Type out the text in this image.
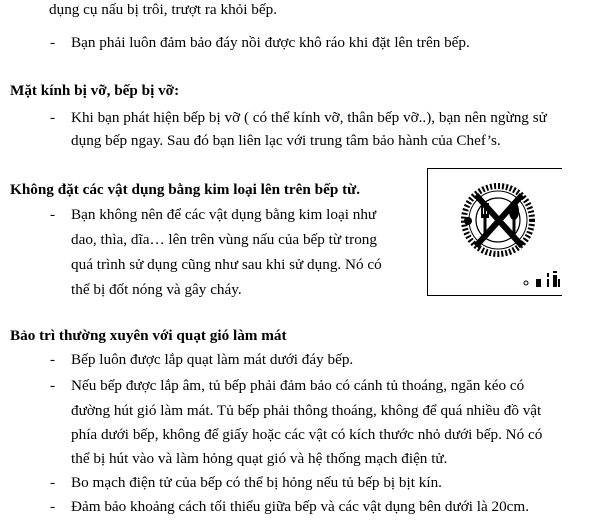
dụng cụ nấu bị trôi, trượt ra khỏi bếp.
- Bạn phải luôn đảm bảo đáy nồi được khô ráo khi đặt lên trên bếp.
Mặt kính bị vỡ, bếp bị vỡ:
- Khi bạn phát hiện bếp bị vỡ ( có thể kính vỡ, thân bếp vỡ..), bạn nên ngừng sử
dụng bếp ngay. Sau đó bạn liên lạc với trung tâm bảo hành của Chef’s.
Không đặt các vật dụng bằng kim loại lên trên bếp từ.
- Bạn không nên để các vật dụng bằng kim loại như
dao, thìa, dĩa… lên trên vùng nấu của bếp từ trong
quá trình sử dụng cũng như sau khi sử dụng. Nó có
thể bị đốt nóng và gây cháy.
Bảo trì thường xuyên với quạt gió làm mát
- Bếp luôn được lắp quạt làm mát dưới đáy bếp.
- Nếu bếp được lắp âm, tủ bếp phải đảm bảo có cánh tủ thoáng, ngăn kéo có
đường hút gió làm mát. Tủ bếp phải thông thoáng, không để quá nhiều đồ vật
phía dưới bếp, không để giấy hoặc các vật có kích thước nhỏ dưới bếp. Nó có
thể bị hút vào và làm hỏng quạt gió và hệ thống mạch điện tử.
- Bo mạch điện tử của bếp có thể bị hỏng nếu tủ bếp bị bịt kín.
- Đảm bảo khoảng cách tối thiểu giữa bếp và các vật dụng bên dưới là 20cm.
